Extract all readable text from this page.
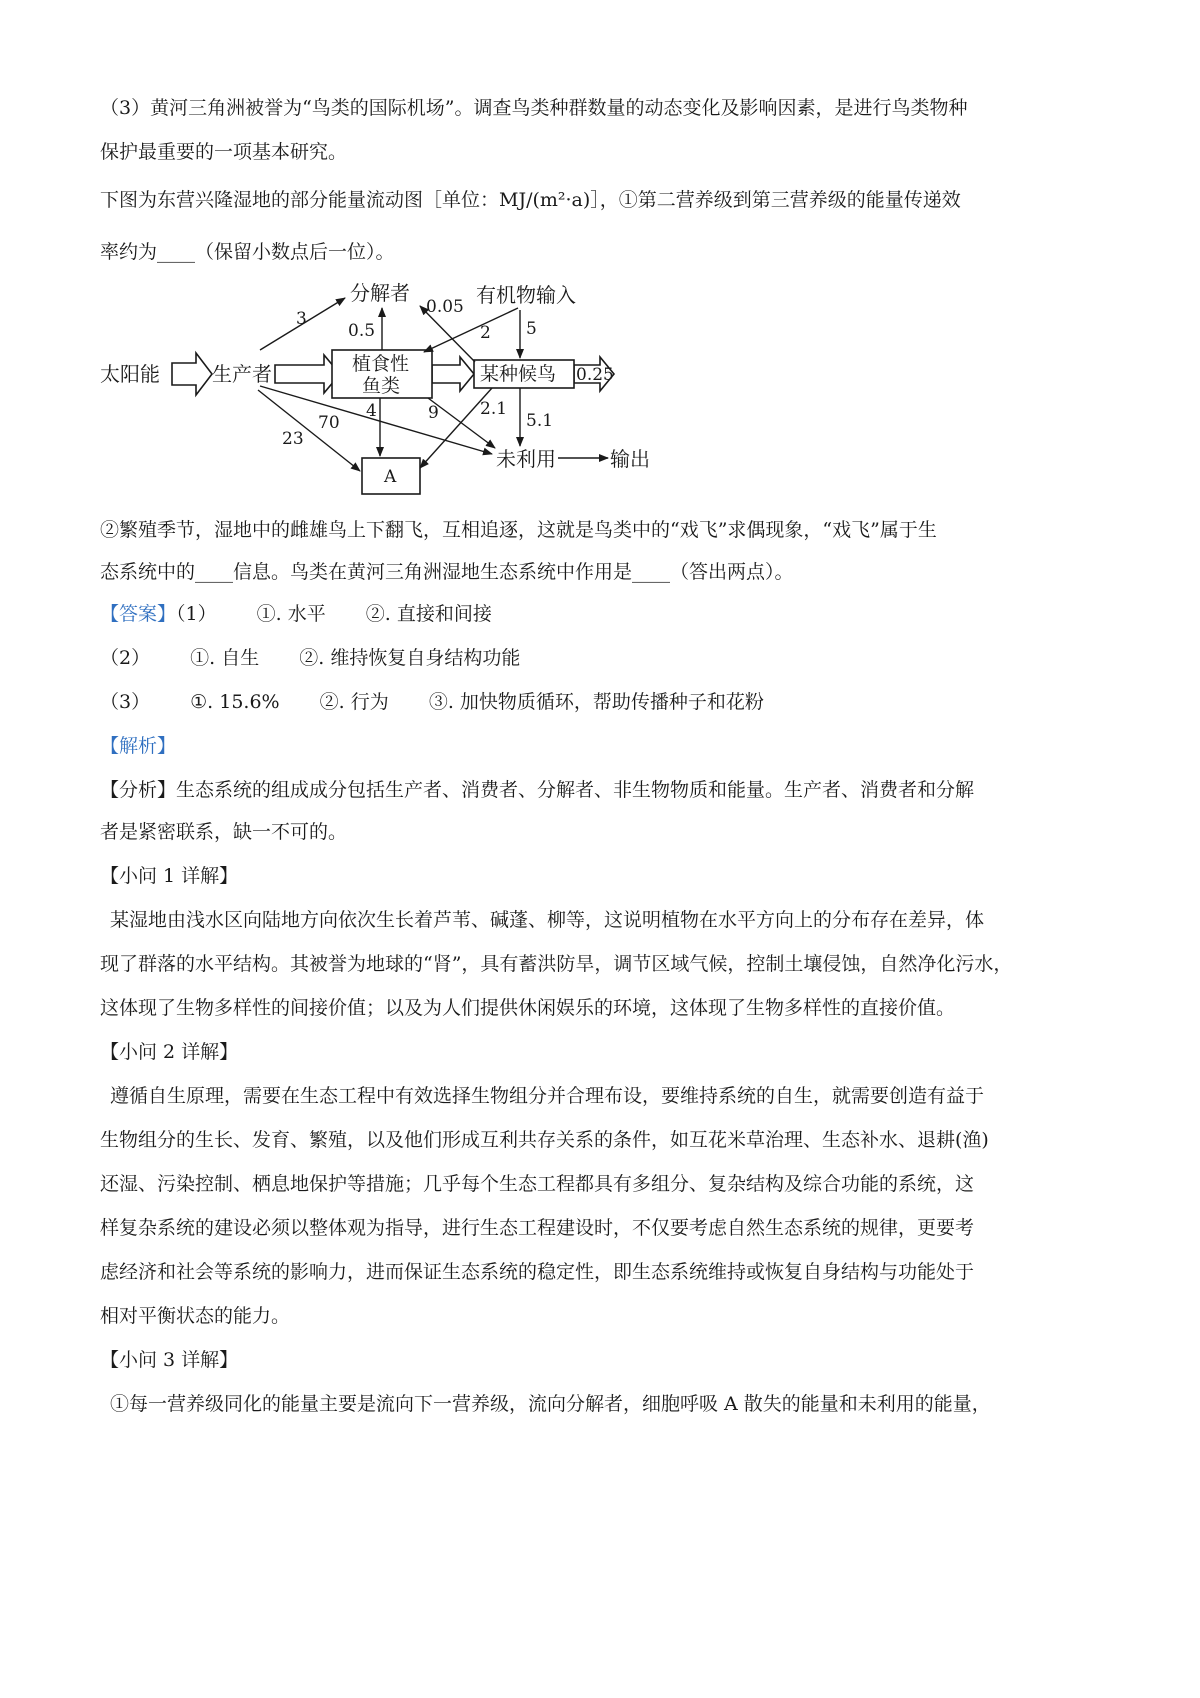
（3）黄河三角洲被誉为“鸟类的国际机场”。调查鸟类种群数量的动态变化及影响因素，是进行鸟类物种
保护最重要的一项基本研究。
下图为东营兴隆湿地的部分能量流动图［单位：MJ/(m²·a)］，①第二营养级到第三营养级的能量传递效
率约为____（保留小数点后一位）。
太阳能	生产者
分解者	有机物输入
植食性
鱼类
某种候鸟
A
未利用	输出
3
0.05
0.5	2 5
0.25
4	9 2.1
5.1
70
23
②繁殖季节，湿地中的雌雄鸟上下翻飞，互相追逐，这就是鸟类中的“戏飞”求偶现象，“戏飞”属于生
态系统中的____信息。鸟类在黄河三角洲湿地生态系统中作用是____（答出两点）。
【答案】（1） ①. 水平 ②. 直接和间接
（2） ①. 自生 ②. 维持恢复自身结构功能
（3） ①. 15.6% ②. 行为 ③. 加快物质循环，帮助传播种子和花粉
【解析】
【分析】生态系统的组成成分包括生产者、消费者、分解者、非生物物质和能量。生产者、消费者和分解
者是紧密联系，缺一不可的。
【小问 1 详解】
某湿地由浅水区向陆地方向依次生长着芦苇、碱蓬、柳等，这说明植物在水平方向上的分布存在差异，体
现了群落的水平结构。其被誉为地球的“肾”，具有蓄洪防旱，调节区域气候，控制土壤侵蚀，自然净化污水，
这体现了生物多样性的间接价值；以及为人们提供休闲娱乐的环境，这体现了生物多样性的直接价值。
【小问 2 详解】
遵循自生原理，需要在生态工程中有效选择生物组分并合理布设，要维持系统的自生，就需要创造有益于
生物组分的生长、发育、繁殖，以及他们形成互利共存关系的条件，如互花米草治理、生态补水、退耕(渔)
还湿、污染控制、栖息地保护等措施；几乎每个生态工程都具有多组分、复杂结构及综合功能的系统，这
样复杂系统的建设必须以整体观为指导，进行生态工程建设时，不仅要考虑自然生态系统的规律，更要考
虑经济和社会等系统的影响力，进而保证生态系统的稳定性，即生态系统维持或恢复自身结构与功能处于
相对平衡状态的能力。
【小问 3 详解】
①每一营养级同化的能量主要是流向下一营养级，流向分解者，细胞呼吸 A 散失的能量和未利用的能量，
